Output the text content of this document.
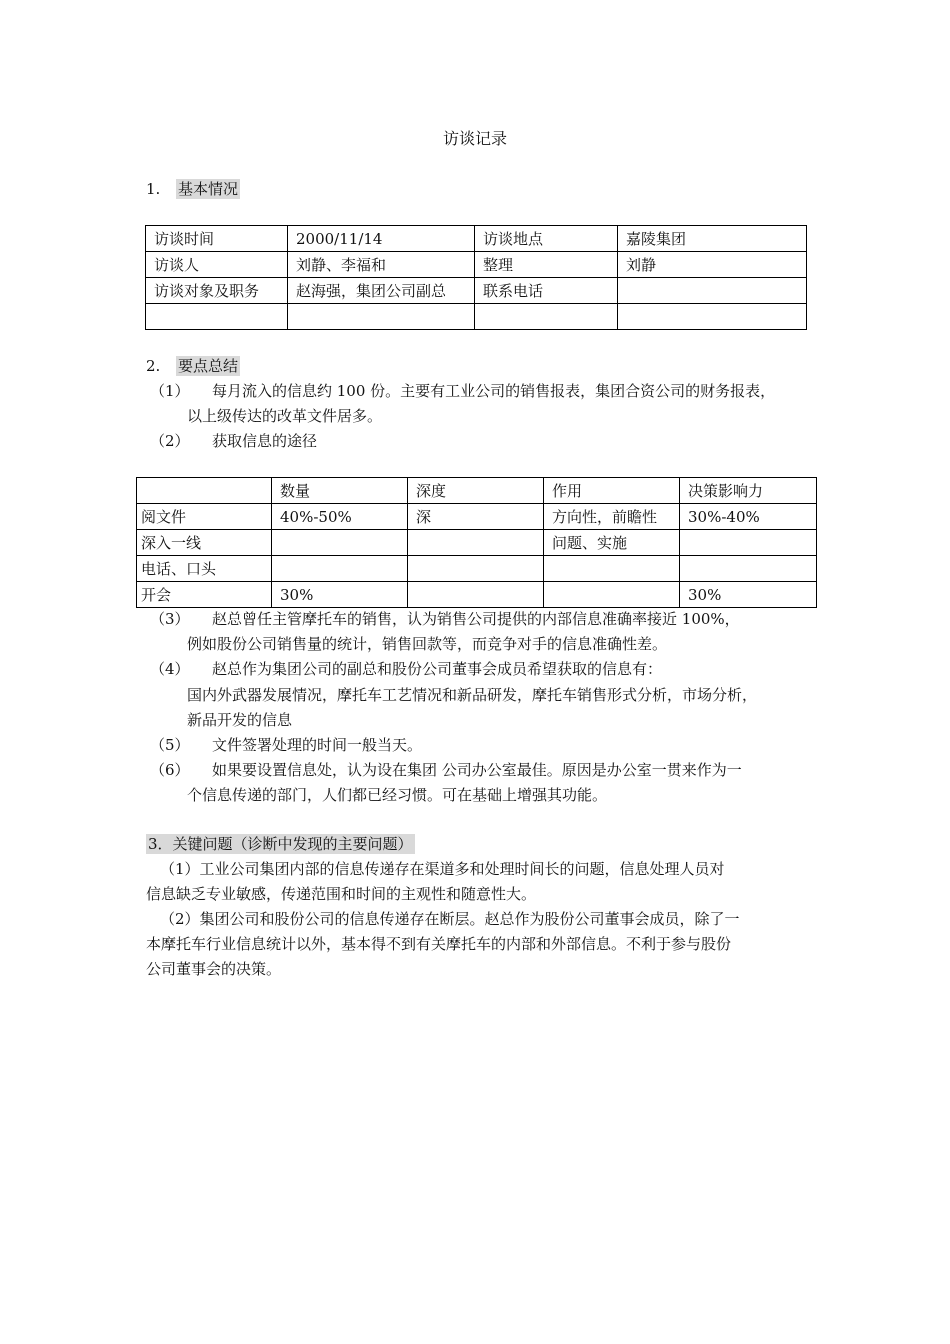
访谈记录
1. 基本情况
访谈时间	2000/11/14	访谈地点	嘉陵集团
访谈人	刘静、李福和	整理	刘静
访谈对象及职务	赵海强，集团公司副总	联系电话	

2. 要点总结
（1） 每月流入的信息约 100 份。主要有工业公司的销售报表，集团合资公司的财务报表，
以上级传达的改革文件居多。
（2） 获取信息的途径
	数量	深度	作用	决策影响力
阅文件	40%-50%	深	方向性，前瞻性	30%-40%
深入一线			问题、实施	
电话、口头				
开会	30%			30%
（3） 赵总曾任主管摩托车的销售，认为销售公司提供的内部信息准确率接近 100%，
例如股份公司销售量的统计，销售回款等，而竞争对手的信息准确性差。
（4） 赵总作为集团公司的副总和股份公司董事会成员希望获取的信息有：
国内外武器发展情况，摩托车工艺情况和新品研发，摩托车销售形式分析，市场分析，
新品开发的信息
（5） 文件签署处理的时间一般当天。
（6） 如果要设置信息处，认为设在集团 公司办公室最佳。原因是办公室一贯来作为一
个信息传递的部门，人们都已经习惯。可在基础上增强其功能。
3．关键问题（诊断中发现的主要问题）
（1）工业公司集团内部的信息传递存在渠道多和处理时间长的问题，信息处理人员对
信息缺乏专业敏感，传递范围和时间的主观性和随意性大。
（2）集团公司和股份公司的信息传递存在断层。赵总作为股份公司董事会成员，除了一
本摩托车行业信息统计以外，基本得不到有关摩托车的内部和外部信息。不利于参与股份
公司董事会的决策。
